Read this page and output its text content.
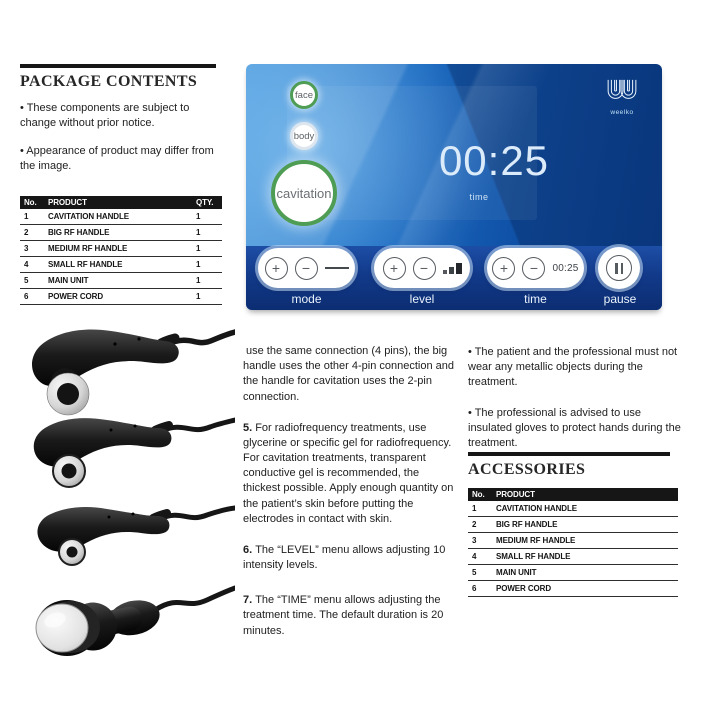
PACKAGE CONTENTS
• These components are subject to change without prior notice.
• Appearance of product may differ from the image.
No.	PRODUCT	QTY.
1	CAVITATION HANDLE	1
2	BIG RF HANDLE	1
3	MEDIUM RF HANDLE	1
4	SMALL RF HANDLE	1
5	MAIN UNIT	1
6	POWER CORD	1
face
body
cavitation
00:25
time
weelko
+	−	+	−	+	−	00:25
mode	level	time	pause

use the same connection (4 pins), the big handle uses the other 4-pin connection and the handle for cavitation uses the 2-pin connection.

5. For radiofrequency treatments, use glycerine or specific gel for radiofrequency. For cavitation treatments, transparent conductive gel is recommended, the thickest possible. Apply enough quantity on the patient’s skin before putting the electrodes in contact with skin.

6. The “LEVEL” menu allows adjusting 10 intensity levels.

7. The “TIME” menu allows adjusting the treatment time. The default duration is 20 minutes.

• The patient and the professional must not wear any metallic objects during the treatment.

• The professional is advised to use insulated gloves to protect hands during the treatment.

ACCESSORIES
No.	PRODUCT
1	CAVITATION HANDLE
2	BIG RF HANDLE
3	MEDIUM RF HANDLE
4	SMALL RF HANDLE
5	MAIN UNIT
6	POWER CORD
